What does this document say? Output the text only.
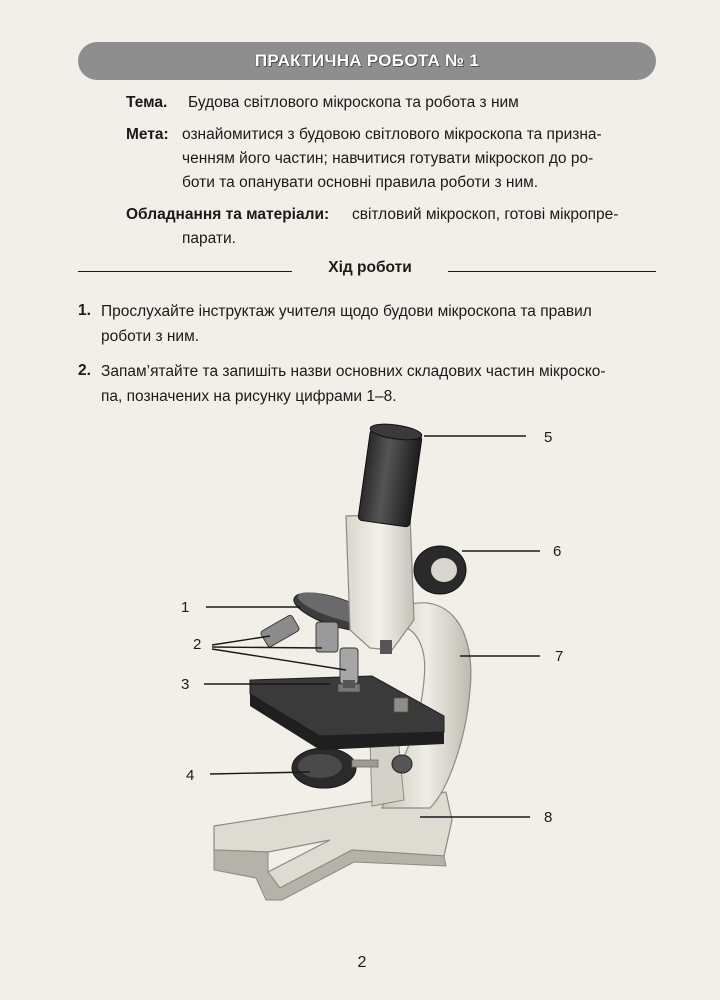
ПРАКТИЧНА РОБОТА № 1
Тема. Будова світлового мікроскопа та робота з ним
Мета: ознайомитися з будовою світлового мікроскопа та призна-
ченням його частин; навчитися готувати мікроскоп до ро-
боти та опанувати основні правила роботи з ним.
Обладнання та матеріали: світловий мікроскоп, готові мікропре-
парати.
Хід роботи
1. Прослухайте інструктаж учителя щодо будови мікроскопа та правил
роботи з ним.
2. Запам’ятайте та запишіть назви основних складових частин мікроско-
па, позначених на рисунку цифрами 1–8.
5
6
1
2
7
3
4
8
2
